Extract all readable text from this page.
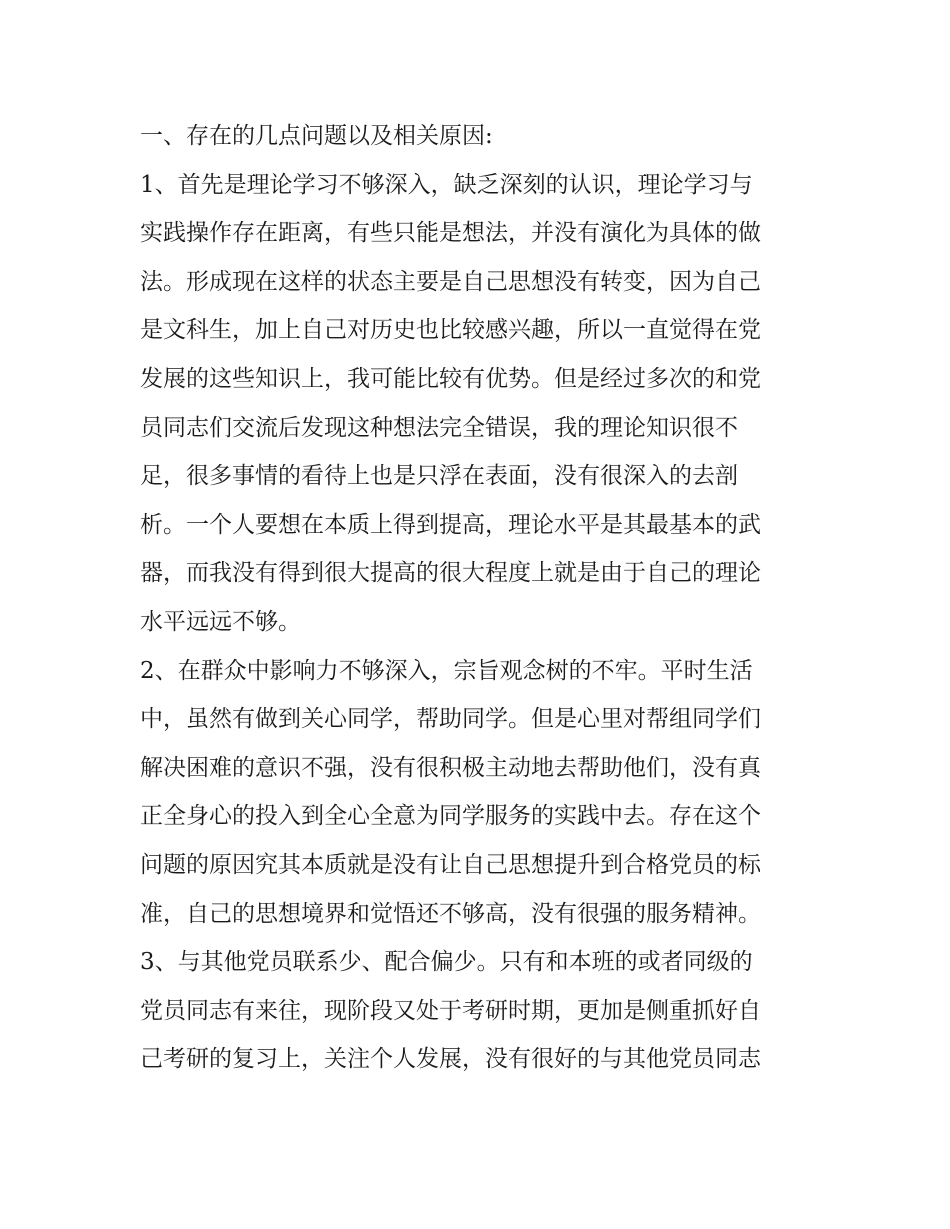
一、存在的几点问题以及相关原因:
1、首先是理论学习不够深入，缺乏深刻的认识，理论学习与
实践操作存在距离，有些只能是想法，并没有演化为具体的做
法。形成现在这样的状态主要是自己思想没有转变，因为自己
是文科生，加上自己对历史也比较感兴趣，所以一直觉得在党
发展的这些知识上，我可能比较有优势。但是经过多次的和党
员同志们交流后发现这种想法完全错误，我的理论知识很不
足，很多事情的看待上也是只浮在表面，没有很深入的去剖
析。一个人要想在本质上得到提高，理论水平是其最基本的武
器，而我没有得到很大提高的很大程度上就是由于自己的理论
水平远远不够。
2、在群众中影响力不够深入，宗旨观念树的不牢。平时生活
中，虽然有做到关心同学，帮助同学。但是心里对帮组同学们
解决困难的意识不强，没有很积极主动地去帮助他们，没有真
正全身心的投入到全心全意为同学服务的实践中去。存在这个
问题的原因究其本质就是没有让自己思想提升到合格党员的标
准，自己的思想境界和觉悟还不够高，没有很强的服务精神。
3、与其他党员联系少、配合偏少。只有和本班的或者同级的
党员同志有来往，现阶段又处于考研时期，更加是侧重抓好自
己考研的复习上，关注个人发展，没有很好的与其他党员同志
